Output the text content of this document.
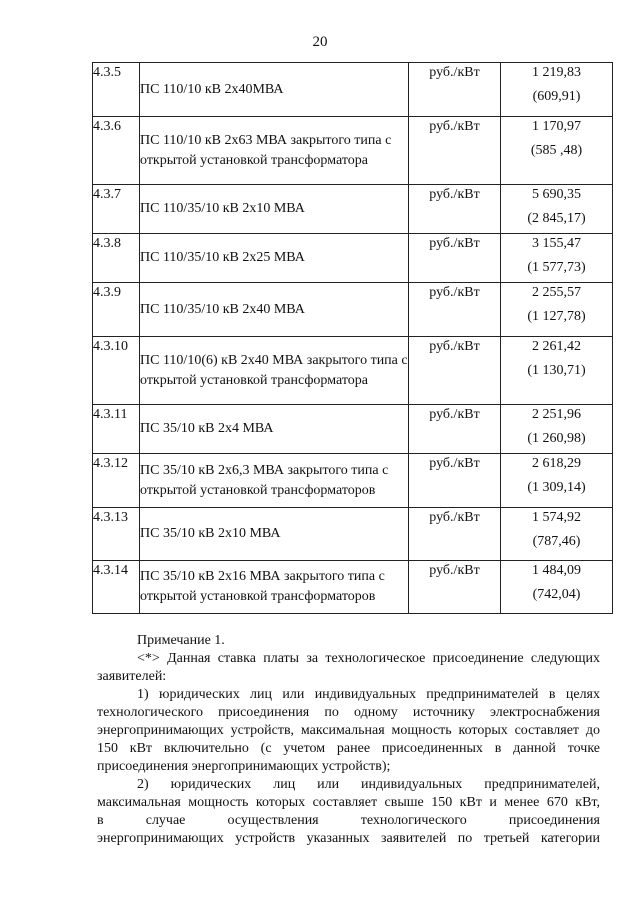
20
4.3.5	ПС 110/10 кВ 2х40МВА	руб./кВт	1 219,83
(609,91)

4.3.6	ПС 110/10 кВ 2х63 МВА закрытого типа с открытой установкой трансформатора	руб./кВт	1 170,97
(585 ,48)

4.3.7	ПС 110/35/10 кВ 2х10 МВА	руб./кВт	5 690,35
(2 845,17)

4.3.8	ПС 110/35/10 кВ 2х25 МВА	руб./кВт	3 155,47
(1 577,73)

4.3.9	ПС 110/35/10 кВ 2х40 МВА	руб./кВт	2 255,57
(1 127,78)

4.3.10	ПС 110/10(6) кВ 2х40 МВА закрытого типа с открытой установкой трансформатора	руб./кВт	2 261,42
(1 130,71)

4.3.11	ПС 35/10 кВ 2х4 МВА	руб./кВт	2 251,96
(1 260,98)

4.3.12	ПС 35/10 кВ 2х6,3 МВА закрытого типа с открытой установкой трансформаторов	руб./кВт	2 618,29
(1 309,14)

4.3.13	ПС 35/10 кВ 2х10 МВА	руб./кВт	1 574,92
(787,46)

4.3.14	ПС 35/10 кВ 2х16 МВА закрытого типа с открытой установкой трансформаторов	руб./кВт	1 484,09
(742,04)

Примечание 1.

<*> Данная ставка платы за технологическое присоединение следующих заявителей:

1) юридических лиц или индивидуальных предпринимателей в целях технологического присоединения по одному источнику электроснабжения энергопринимающих устройств, максимальная мощность которых составляет до 150 кВт включительно (с учетом ранее присоединенных в данной точке присоединения энергопринимающих устройств);

2) юридических лиц или индивидуальных предпринимателей,

максимальная мощность которых составляет свыше 150 кВт и менее 670 кВт,

в случае осуществления технологического присоединения

энергопринимающих устройств указанных заявителей по третьей категории
